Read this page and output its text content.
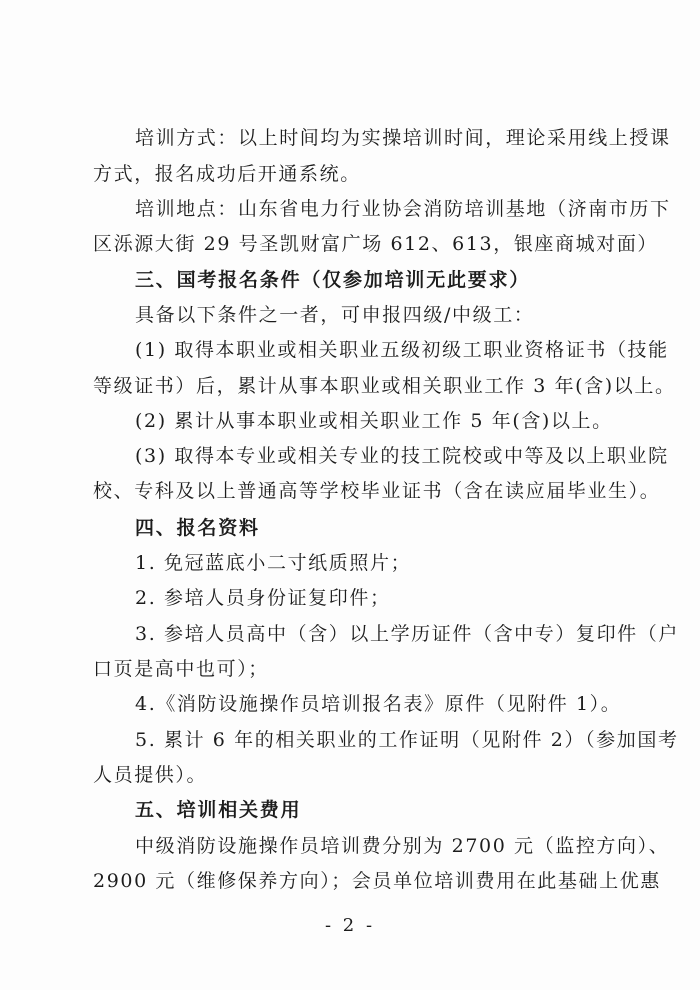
培训方式：以上时间均为实操培训时间，理论采用线上授课
方式，报名成功后开通系统。
培训地点：山东省电力行业协会消防培训基地（济南市历下
区泺源大街 29 号圣凯财富广场 612、613，银座商城对面）
三、国考报名条件（仅参加培训无此要求）
具备以下条件之一者，可申报四级/中级工：
(1) 取得本职业或相关职业五级初级工职业资格证书（技能
等级证书）后，累计从事本职业或相关职业工作 3 年(含)以上。
(2) 累计从事本职业或相关职业工作 5 年(含)以上。
(3) 取得本专业或相关专业的技工院校或中等及以上职业院
校、专科及以上普通高等学校毕业证书（含在读应届毕业生）。
四、报名资料
1. 免冠蓝底小二寸纸质照片；
2. 参培人员身份证复印件；
3. 参培人员高中（含）以上学历证件（含中专）复印件（户
口页是高中也可）；
4.《消防设施操作员培训报名表》原件（见附件 1）。
5. 累计 6 年的相关职业的工作证明（见附件 2）（参加国考
人员提供）。
五、培训相关费用
中级消防设施操作员培训费分别为 2700 元（监控方向）、
2900 元（维修保养方向）；会员单位培训费用在此基础上优惠
- 2 -
